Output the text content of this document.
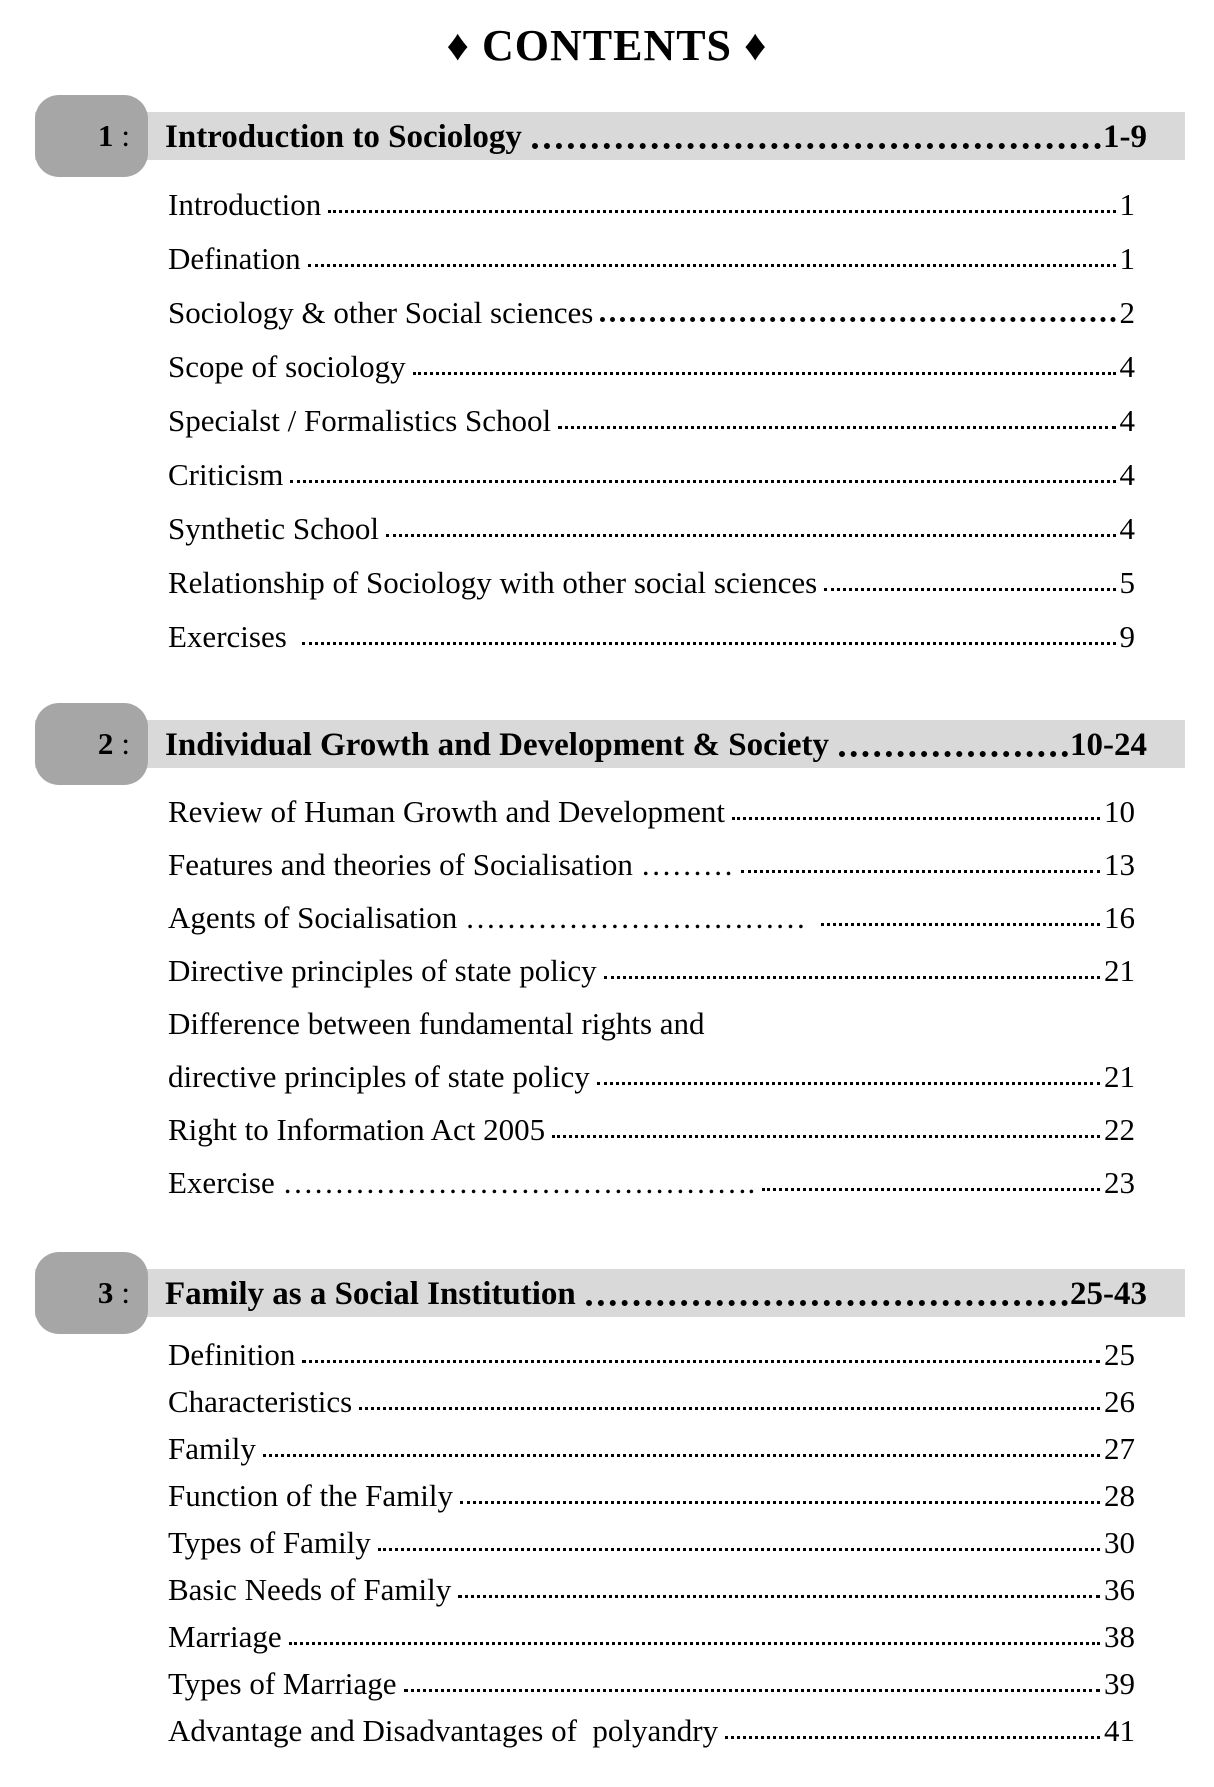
♦ CONTENTS ♦
Introduction to Sociology	1-9
1 :
Introduction	1
Defination	1
Sociology & other Social sciences	2
Scope of sociology	4
Specialst / Formalistics School	4
Criticism	4
Synthetic School	4
Relationship of Sociology with other social sciences	5
Exercises	9
Individual Growth and Development & Society	10-24
2 :
Review of Human Growth and Development	10
Features and theories of Socialisation ………	13
Agents of Socialisation ……………………………	16
Directive principles of state policy	21
Difference between fundamental rights and
directive principles of state policy	21
Right to Information Act 2005	22
Exercise ……………………………………….	23
Family as a Social Institution	25-43
3 :
Definition	25
Characteristics	26
Family	27
Function of the Family	28
Types of Family	30
Basic Needs of Family	36
Marriage	38
Types of Marriage	39
Advantage and Disadvantages of  polyandry	41
